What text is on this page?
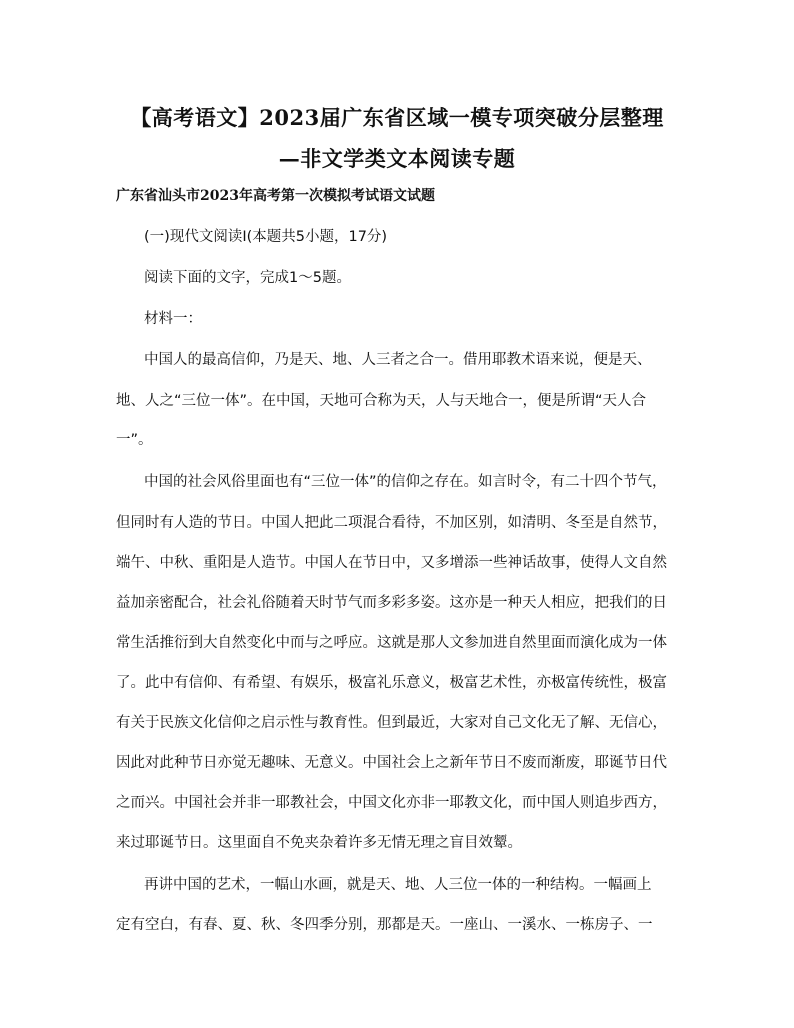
【高考语文】2023届广东省区域一模专项突破分层整理
—非文学类文本阅读专题
广东省汕头市2023年高考第一次模拟考试语文试题
(一)现代文阅读I(本题共5小题，17分)
阅读下面的文字，完成1～5题。
材料一：
中国人的最高信仰，乃是天、地、人三者之合一。借用耶教术语来说，便是天、
地、人之“三位一体”。在中国，天地可合称为天，人与天地合一，便是所谓“天人合
一”。
中国的社会风俗里面也有“三位一体”的信仰之存在。如言时令，有二十四个节气，
但同时有人造的节日。中国人把此二项混合看待，不加区别，如清明、冬至是自然节，
端午、中秋、重阳是人造节。中国人在节日中，又多增添一些神话故事，使得人文自然
益加亲密配合，社会礼俗随着天时节气而多彩多姿。这亦是一种天人相应，把我们的日
常生活推衍到大自然变化中而与之呼应。这就是那人文参加进自然里面而演化成为一体
了。此中有信仰、有希望、有娱乐，极富礼乐意义，极富艺术性，亦极富传统性，极富
有关于民族文化信仰之启示性与教育性。但到最近，大家对自己文化无了解、无信心，
因此对此种节日亦觉无趣味、无意义。中国社会上之新年节日不废而渐废，耶诞节日代
之而兴。中国社会并非一耶教社会，中国文化亦非一耶教文化，而中国人则追步西方，
来过耶诞节日。这里面自不免夹杂着许多无情无理之盲目效颦。
再讲中国的艺术，一幅山水画，就是天、地、人三位一体的一种结构。一幅画上
定有空白，有春、夏、秋、冬四季分别，那都是天。一座山、一溪水、一栋房子、一
